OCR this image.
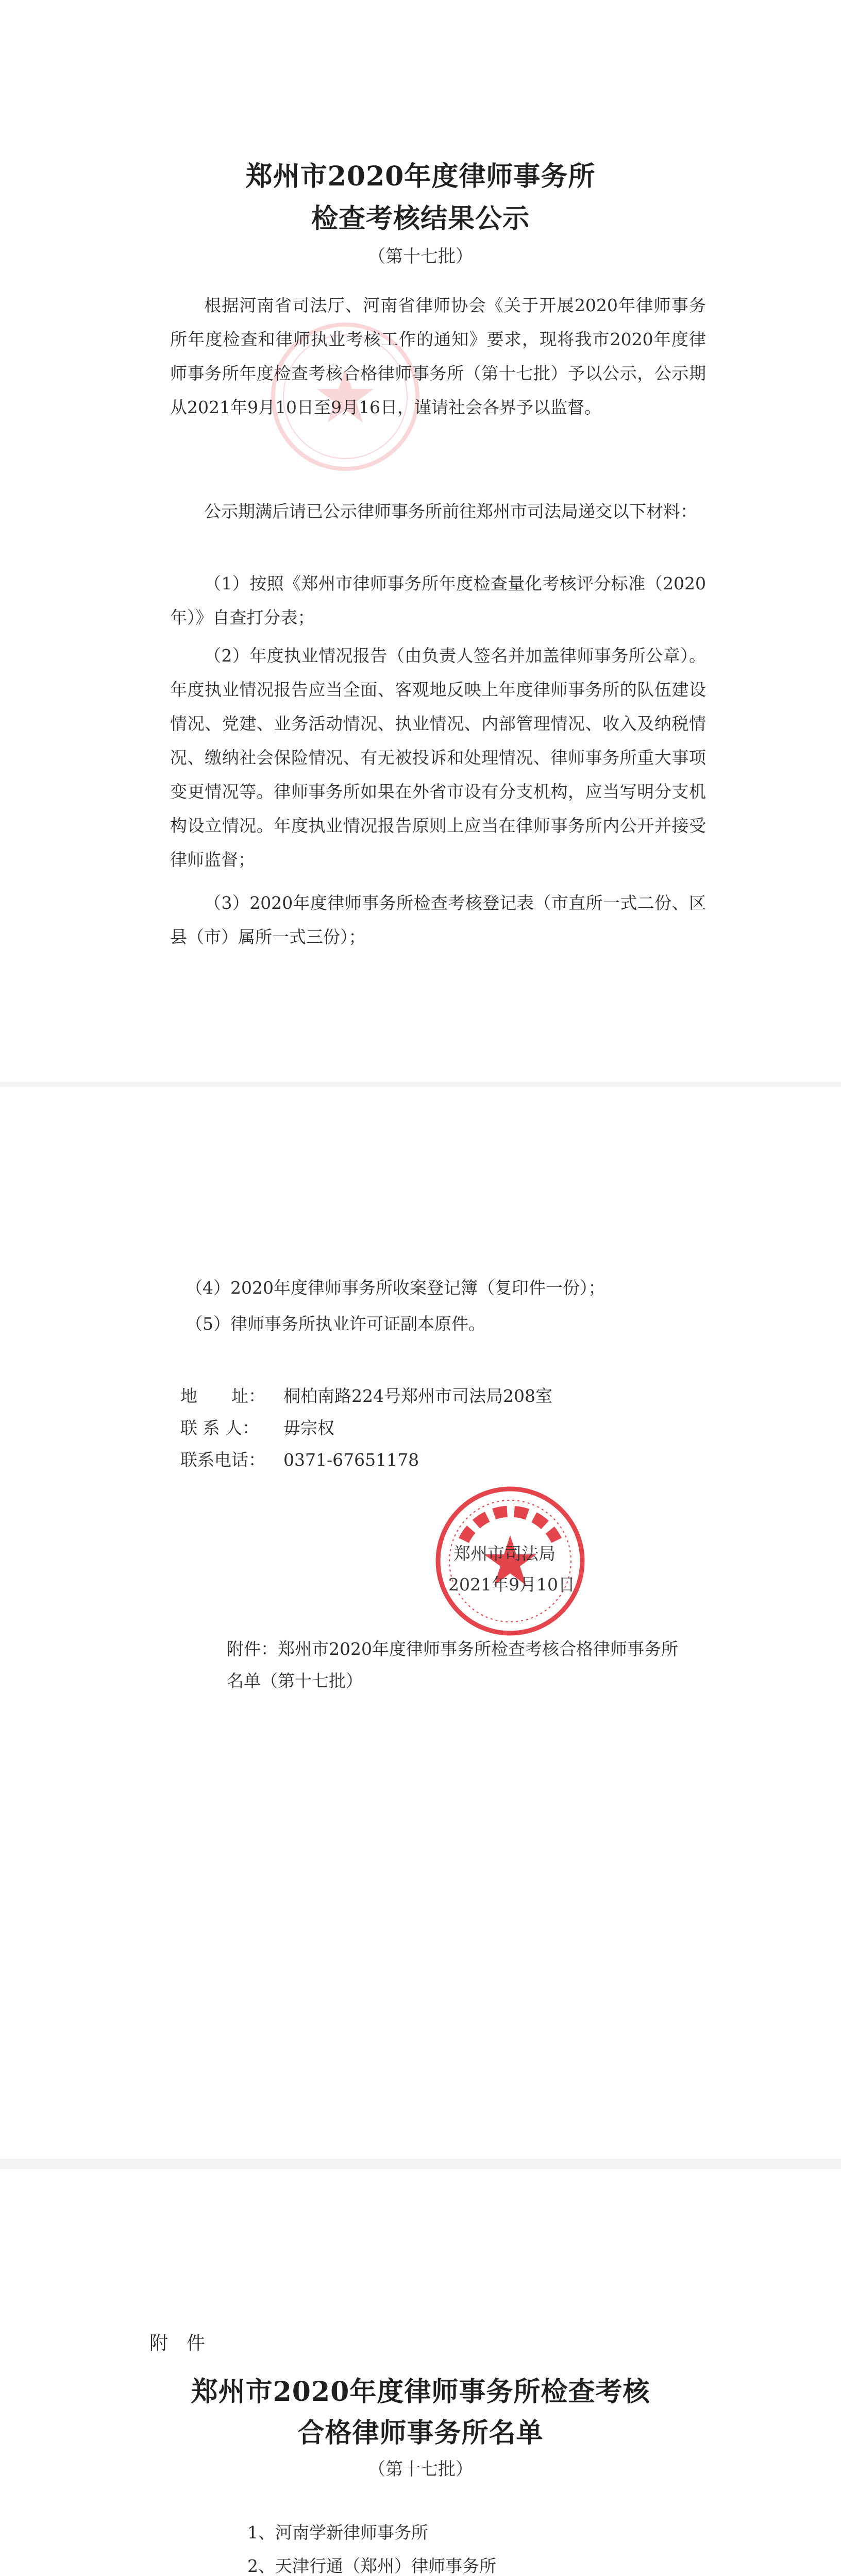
郑州市2020年度律师事务所
检查考核结果公示
（第十七批）
根据河南省司法厅、河南省律师协会《关于开展2020年律师事务所年度检查和律师执业考核工作的通知》要求，现将我市2020年度律师事务所年度检查考核合格律师事务所（第十七批）予以公示，公示期从2021年9月10日至9月16日，谨请社会各界予以监督。
公示期满后请已公示律师事务所前往郑州市司法局递交以下材料：
（1）按照《郑州市律师事务所年度检查量化考核评分标准（2020年）》自查打分表；
（2）年度执业情况报告（由负责人签名并加盖律师事务所公章）。年度执业情况报告应当全面、客观地反映上年度律师事务所的队伍建设情况、党建、业务活动情况、执业情况、内部管理情况、收入及纳税情况、缴纳社会保险情况、有无被投诉和处理情况、律师事务所重大事项变更情况等。律师事务所如果在外省市设有分支机构，应当写明分支机构设立情况。年度执业情况报告原则上应当在律师事务所内公开并接受律师监督；
（3）2020年度律师事务所检查考核登记表（市直所一式二份、区县（市）属所一式三份）；
（4）2020年度律师事务所收案登记簿（复印件一份）；
（5）律师事务所执业许可证副本原件。
地　　址： 桐柏南路224号郑州市司法局208室
联 系 人： 毋宗权
联系电话： 0371-67651178
郑州市司法局
2021年9月10日
附件：郑州市2020年度律师事务所检查考核合格律师事务所名单（第十七批）
附　件
郑州市2020年度律师事务所检查考核
合格律师事务所名单
（第十七批）
1、河南学新律师事务所
2、天津行通（郑州）律师事务所
